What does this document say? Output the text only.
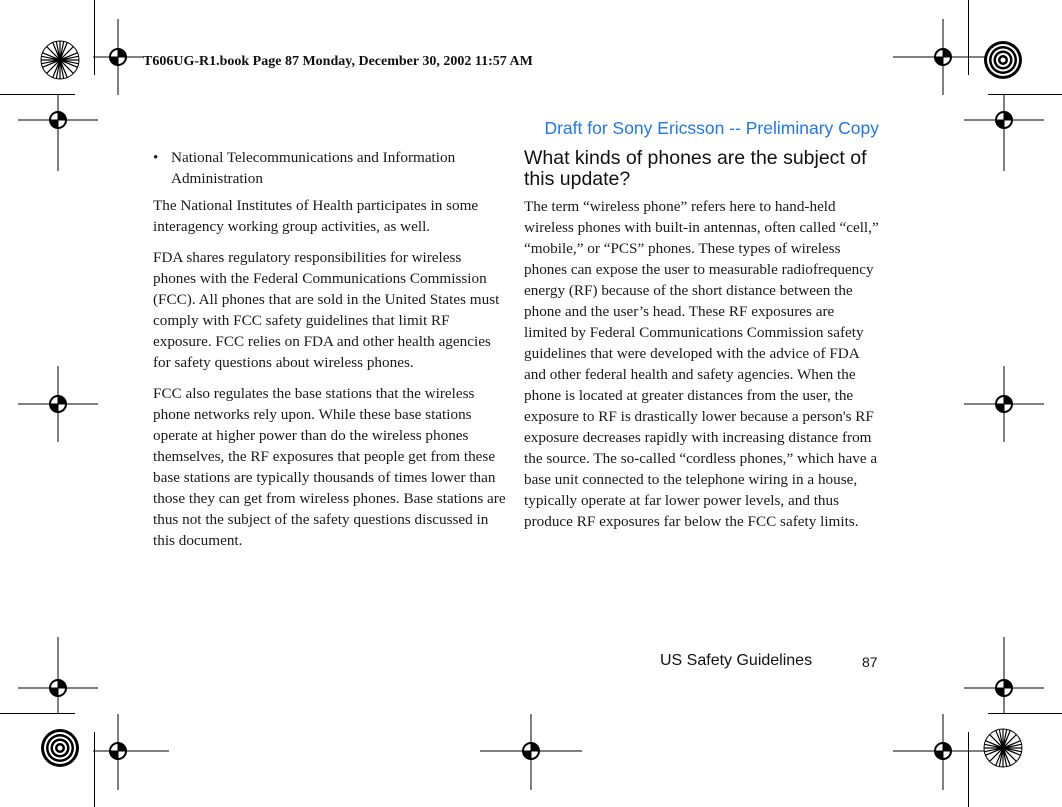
T606UG-R1.book Page 87 Monday, December 30, 2002 11:57 AM
Draft for Sony Ericsson -- Preliminary Copy
• National Telecommunications and Information Administration

The National Institutes of Health participates in some interagency working group activities, as well.

FDA shares regulatory responsibilities for wireless phones with the Federal Communications Commission (FCC). All phones that are sold in the United States must comply with FCC safety guidelines that limit RF exposure. FCC relies on FDA and other health agencies for safety questions about wireless phones.

FCC also regulates the base stations that the wireless phone networks rely upon. While these base stations operate at higher power than do the wireless phones themselves, the RF exposures that people get from these base stations are typically thousands of times lower than those they can get from wireless phones. Base stations are thus not the subject of the safety questions discussed in this document.

What kinds of phones are the subject of this update?

The term “wireless phone” refers here to hand-held wireless phones with built-in antennas, often called “cell,” “mobile,” or “PCS” phones. These types of wireless phones can expose the user to measurable radiofrequency energy (RF) because of the short distance between the phone and the user’s head. These RF exposures are limited by Federal Communications Commission safety guidelines that were developed with the advice of FDA and other federal health and safety agencies. When the phone is located at greater distances from the user, the exposure to RF is drastically lower because a person's RF exposure decreases rapidly with increasing distance from the source. The so-called “cordless phones,” which have a base unit connected to the telephone wiring in a house, typically operate at far lower power levels, and thus produce RF exposures far below the FCC safety limits.

US Safety Guidelines	87
